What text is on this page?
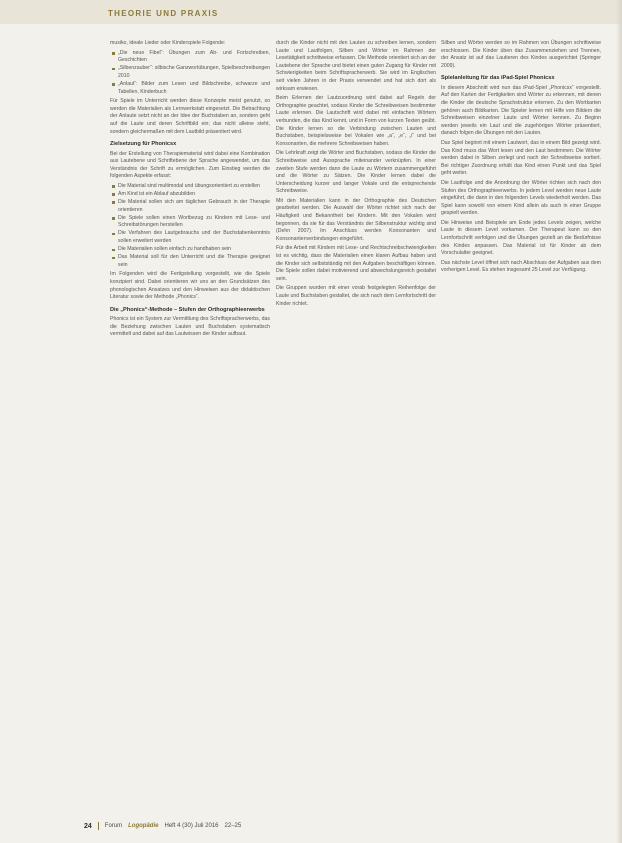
THEORIE UND PRAXIS

musiko, ideale Lieder oder Kinderspiele Folgende:

„Die neue Fibel“: Übungen zum Ab- und Fortschreiben, Geschichten
„Silbenzauber“: silbische Ganzwortübungen, Spielbeschreibungen 2010
„Anlaut“: Bilder zum Lesen und Bildschreibe, schwarze und Tabellen, Kinderbuch

Für Spiele im Unterricht werden diese Konzepte meist genutzt, so werden die Materialien als Lernwerkstatt eingesetzt. Die Betrachtung der Anlaute setzt nicht an der Idee der Buchstaben an, sondern geht auf die Laute und deren Schriftbild ein; das nicht alleine steht, sondern gleichermaßen mit dem Lautbild präsentiert wird.

Zielsetzung für Phonicsx

Bei der Erstellung von Therapiematerial wird dabei eine Kombination aus Lautebene und Schriftebene der Sprache angewendet, um das Verständnis der Schrift zu ermöglichen. Zum Einstieg werden die folgenden Aspekte erfasst:

Die Material sind multimodal und übungsorientiert zu erstellen
Am Kind ist ein Ablauf abzubilden
Die Material sollen sich am täglichen Gebrauch in der Therapie orientieren
Die Spiele sollen einen Wortbezug zu Kindern mit Lese- und Schreibstörungen herstellen
Die Verfahren des Lautgebrauchs und der Buchstabenkenntnis sollen erweitert werden
Die Materialien sollen einfach zu handhaben sein
Das Material soll für den Unterricht und die Therapie geeignet sein

Im Folgenden wird die Fertigstellung vorgestellt, wie die Spiele konzipiert sind. Dabei orientieren wir uns an den Grundsätzen des phonologischen Ansatzes und den Hinweisen aus der didaktischen Literatur sowie der Methode „Phonics“.

Die „Phonics“-Methode – Stufen der Orthographieerwerbs

Phonics ist ein System zur Vermittlung des Schriftspracherwerbs, das die Beziehung zwischen Lauten und Buchstaben systematisch vermittelt und dabei auf das Lautwissen der Kinder aufbaut.

durch die Kinder nicht mit den Lauten zu schreiben lernen, sondern Laute und Lautfolgen, Silben und Wörter im Rahmen der Lesetätigkeit schrittweise erfassen. Die Methode orientiert sich an der Lautebene der Sprache und bietet einen guten Zugang für Kinder mit Schwierigkeiten beim Schriftspracherwerb. Sie wird im Englischen seit vielen Jahren in der Praxis verwendet und hat sich dort als wirksam erwiesen.

Beim Erlernen der Lautzuordnung wird dabei auf Regeln der Orthographie geachtet, sodass Kinder die Schreibweisen bestimmter Laute erlernen. Die Lautschrift wird dabei mit einfachen Wörtern verbunden, die das Kind kennt, und in Form von kurzen Texten geübt. Die Kinder lernen so die Verbindung zwischen Lauten und Buchstaben, beispielsweise bei Vokalen wie „a“, „e“, „i“ und bei Konsonanten, die mehrere Schreibweisen haben.

Die Lehrkraft zeigt die Wörter und Buchstaben, sodass die Kinder die Schreibweise und Aussprache miteinander verknüpfen. In einer zweiten Stufe werden dann die Laute zu Wörtern zusammengeführt und die Wörter zu Sätzen. Die Kinder lernen dabei die Unterscheidung kurzer und langer Vokale und die entsprechende Schreibweise.

Mit den Materialien kann in der Orthographie des Deutschen gearbeitet werden. Die Auswahl der Wörter richtet sich nach der Häufigkeit und Bekanntheit bei Kindern. Mit den Vokalen wird begonnen, da sie für das Verständnis der Silbenstruktur wichtig sind (Dehn 2007). Im Anschluss werden Konsonanten und Konsonantenverbindungen eingeführt.

Für die Arbeit mit Kindern mit Lese- und Rechtschreibschwierigkeiten ist es wichtig, dass die Materialien einen klaren Aufbau haben und die Kinder sich selbstständig mit den Aufgaben beschäftigen können. Die Spiele sollen dabei motivierend und abwechslungsreich gestaltet sein.

Die Gruppen wurden mit einer vorab festgelegten Reihenfolge der Laute und Buchstaben gestaltet, die sich nach dem Lernfortschritt der Kinder richtet.

Silben und Wörter werden so im Rahmen von Übungen schrittweise erschlossen. Die Kinder üben das Zusammenziehen und Trennen, der Ansatz ist auf das Lautieren des Kindes ausgerichtet (Springer 2009).

Spielanleitung für das iPad-Spiel Phonicsx

In diesem Abschnitt wird nun das iPad-Spiel „Phonicsx“ vorgestellt. Auf den Karten der Fertigkeiten sind Wörter zu erkennen, mit denen die Kinder die deutsche Sprachstruktur erlernen. Zu den Wortkarten gehören auch Bildkarten. Die Spieler lernen mit Hilfe von Bildern die Schreibweisen einzelner Laute und Wörter kennen. Zu Beginn werden jeweils ein Laut und die zugehörigen Wörter präsentiert, danach folgen die Übungen mit den Lauten.

Das Spiel beginnt mit einem Lautwort, das in einem Bild gezeigt wird. Das Kind muss das Wort lesen und den Laut bestimmen. Die Wörter werden dabei in Silben zerlegt und nach der Schreibweise sortiert. Bei richtiger Zuordnung erhält das Kind einen Punkt und das Spiel geht weiter.

Die Lautfolge und die Anordnung der Wörter richten sich nach den Stufen des Orthographieerwerbs. In jedem Level werden neue Laute eingeführt, die dann in den folgenden Levels wiederholt werden. Das Spiel kann sowohl von einem Kind allein als auch in einer Gruppe gespielt werden.

Die Hinweise und Beispiele am Ende jedes Levels zeigen, welche Laute in diesem Level vorkamen. Der Therapeut kann so den Lernfortschritt verfolgen und die Übungen gezielt an die Bedürfnisse des Kindes anpassen. Das Material ist für Kinder ab dem Vorschulalter geeignet.

Das nächste Level öffnet sich nach Abschluss der Aufgaben aus dem vorherigen Level. Es stehen insgesamt 25 Level zur Verfügung.

24 Forum Logopädie Heft 4 (30) Juli 2016 22–25
